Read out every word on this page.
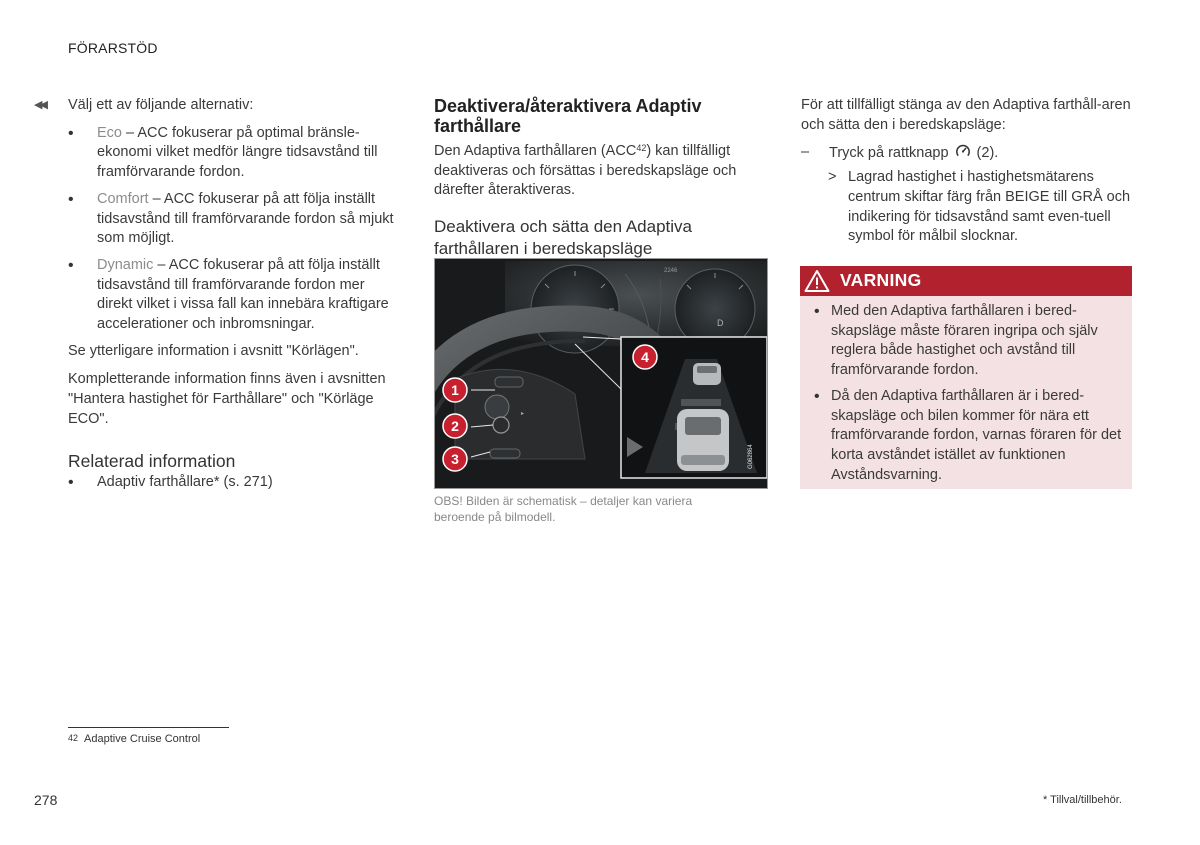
FÖRARSTÖD
◀◀	Välj ett av följande alternativ:
• Eco – ACC fokuserar på optimal bränsle-ekonomi vilket medför längre tidsavstånd till framförvarande fordon.
• Comfort – ACC fokuserar på att följa inställt tidsavstånd till framförvarande fordon så mjukt som möjligt.
• Dynamic – ACC fokuserar på att följa inställt tidsavstånd till framförvarande fordon mer direkt vilket i vissa fall kan innebära kraftigare accelerationer och inbromsningar.
Se ytterligare information i avsnitt "Körlägen".
Kompletterande information finns även i avsnitten "Hantera hastighet för Farthållare" och "Körläge ECO".
Relaterad information
• Adaptiv farthållare* (s. 271)
Deaktivera/återaktivera Adaptiv farthållare
Den Adaptiva farthållaren (ACC$^{42}$) kan tillfälligt deaktiveras och försättas i beredskapsläge och därefter återaktiveras.
Deaktivera och sätta den Adaptiva farthållaren i beredskapsläge
76
2246
D
▸
G062864
1
2
3
4
OBS! Bilden är schematisk – detaljer kan variera beroende på bilmodell.
För att tillfälligt stänga av den Adaptiva farthåll-aren och sätta den i beredskapsläge:
– Tryck på rattknapp (2).
> Lagrad hastighet i hastighetsmätarens centrum skiftar färg från BEIGE till GRÅ och indikering för tidsavstånd samt even-tuell symbol för målbil slocknar.
VARNING
• Med den Adaptiva farthållaren i bered-skapsläge måste föraren ingripa och själv reglera både hastighet och avstånd till framförvarande fordon.
• Då den Adaptiva farthållaren är i bered-skapsläge och bilen kommer för nära ett framförvarande fordon, varnas föraren för det korta avståndet istället av funktionen Avståndsvarning.
42 Adaptive Cruise Control
278	* Tillval/tillbehör.
